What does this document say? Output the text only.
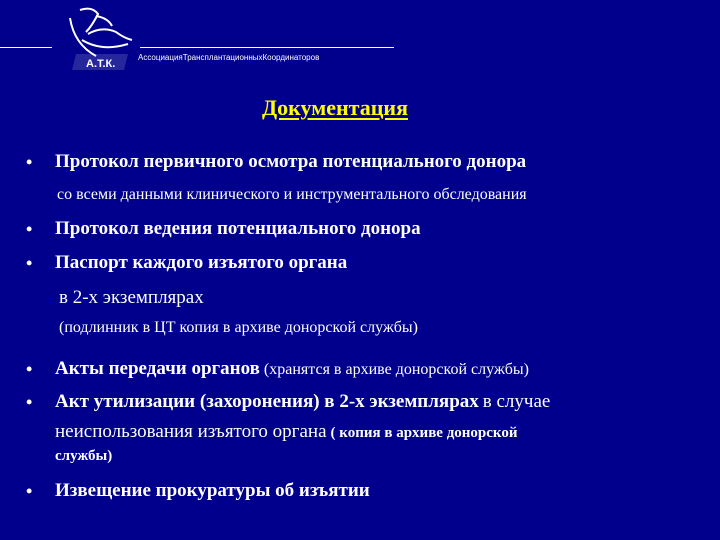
А.Т.К.
АссоциацияТрансплантационныхКоординаторов
Документация
• Протокол первичного осмотра потенциального донора
со всеми данными клинического и инструментального обследования
• Протокол ведения потенциального донора
• Паспорт каждого изъятого органа
в 2-х экземплярах
(подлинник в ЦТ копия в архиве донорской службы)
• Акты передачи органов (хранятся в архиве донорской службы)
• Акт утилизации (захоронения) в 2-х экземплярах в случае
неиспользования изъятого органа ( копия в архиве донорской
службы)
• Извещение прокуратуры об изъятии
